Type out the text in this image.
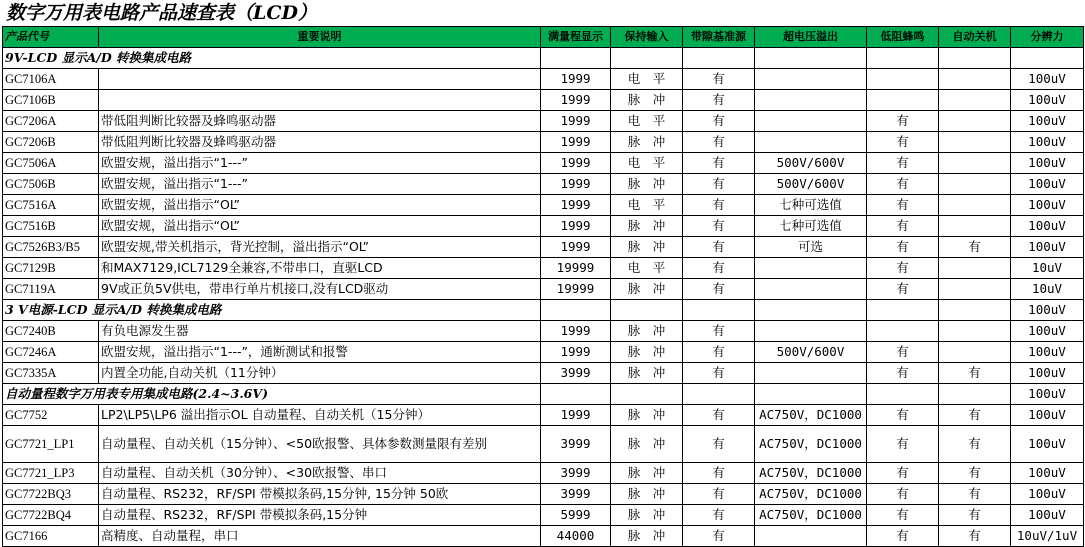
数字万用表电路产品速查表（LCD）
产品代号	重要说明	满量程显示	保持输入	带隙基准源	超电压溢出	低阻蜂鸣	自动关机	分辨力
9V-LCD 显示A/D 转换集成电路								
GC7106A		1999	电　平	有				100uV
GC7106B		1999	脉　冲	有				100uV
GC7206A	带低阻判断比较器及蜂鸣驱动器	1999	电　平	有		有		100uV
GC7206B	带低阻判断比较器及蜂鸣驱动器	1999	脉　冲	有		有		100uV
GC7506A	欧盟安规，溢出指示“1---”	1999	电　平	有	500V/600V	有		100uV
GC7506B	欧盟安规，溢出指示“1---”	1999	脉　冲	有	500V/600V	有		100uV
GC7516A	欧盟安规，溢出指示“OL”	1999	电　平	有	七种可选值	有		100uV
GC7516B	欧盟安规，溢出指示“OL”	1999	脉　冲	有	七种可选值	有		100uV
GC7526B3/B5	欧盟安规,带关机指示，背光控制，溢出指示“OL”	1999	脉　冲	有	可选	有	有	100uV
GC7129B	和MAX7129,ICL7129全兼容,不带串口，直驱LCD	19999	电　平	有		有		10uV
GC7119A	9V或正负5V供电，带串行单片机接口,没有LCD驱动	19999	脉　冲	有		有		10uV
3 V电源-LCD 显示A/D 转换集成电路								100uV
GC7240B	有负电源发生器	1999	脉　冲	有				100uV
GC7246A	欧盟安规，溢出指示“1---”，通断测试和报警	1999	脉　冲	有	500V/600V	有		100uV
GC7335A	内置全功能,自动关机（11分钟）	3999	脉　冲	有		有	有	100uV
自动量程数字万用表专用集成电路(2.4~3.6V)								100uV
GC7752	LP2\LP5\LP6 溢出指示OL 自动量程、自动关机（15分钟）	1999	脉　冲	有	AC750V，DC1000	有	有	100uV
GC7721_LP1	自动量程、自动关机（15分钟）、<50欧报警、具体参数测量限有差别	3999	脉　冲	有	AC750V，DC1000	有	有	100uV
GC7721_LP3	自动量程、自动关机（30分钟）、<30欧报警、串口	3999	脉　冲	有	AC750V，DC1000	有	有	100uV
GC7722BQ3	自动量程、RS232，RF/SPI 带模拟条码,15分钟, 15分钟 50欧	3999	脉　冲	有	AC750V，DC1000	有	有	100uV
GC7722BQ4	自动量程、RS232，RF/SPI 带模拟条码,15分钟	5999	脉　冲	有	AC750V，DC1000	有	有	100uV
GC7166	高精度、自动量程，串口	44000	脉　冲	有		有	有	10uV/1uV
